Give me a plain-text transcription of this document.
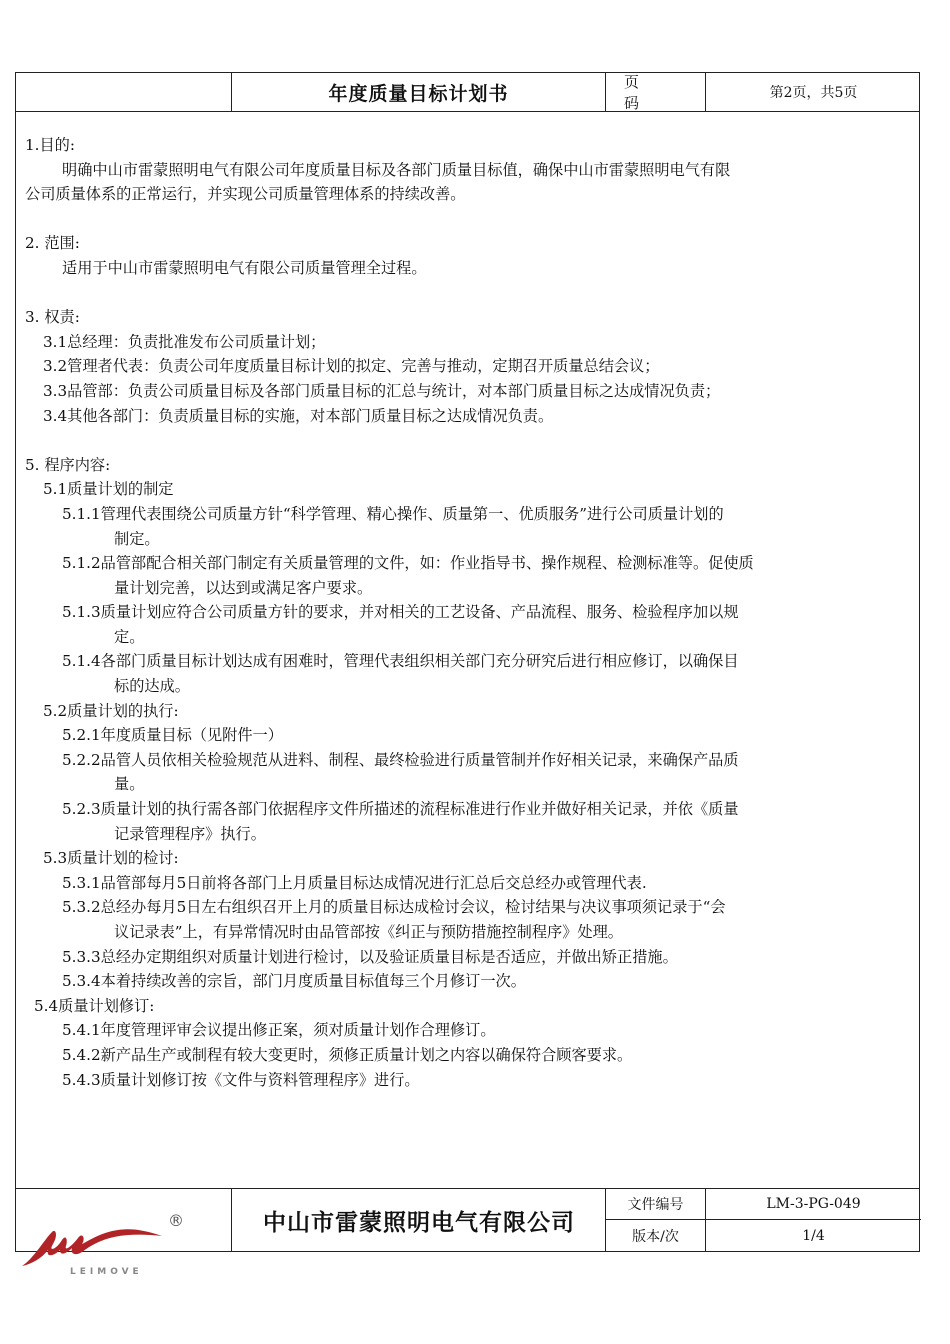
年度质量目标计划书
页 码
第2页，共5页
1.目的:
明确中山市雷蒙照明电气有限公司年度质量目标及各部门质量目标值，确保中山市雷蒙照明电气有限
公司质量体系的正常运行，并实现公司质量管理体系的持续改善。
2. 范围:
适用于中山市雷蒙照明电气有限公司质量管理全过程。
3. 权责:
3.1总经理：负责批准发布公司质量计划；
3.2管理者代表：负责公司年度质量目标计划的拟定、完善与推动，定期召开质量总结会议；
3.3品管部：负责公司质量目标及各部门质量目标的汇总与统计，对本部门质量目标之达成情况负责；
3.4其他各部门：负责质量目标的实施，对本部门质量目标之达成情况负责。
5. 程序内容:
5.1质量计划的制定
5.1.1管理代表围绕公司质量方针“科学管理、精心操作、质量第一、优质服务”进行公司质量计划的
制定。
5.1.2品管部配合相关部门制定有关质量管理的文件，如：作业指导书、操作规程、检测标准等。促使质
量计划完善，以达到或满足客户要求。
5.1.3质量计划应符合公司质量方针的要求，并对相关的工艺设备、产品流程、服务、检验程序加以规
定。
5.1.4各部门质量目标计划达成有困难时，管理代表组织相关部门充分研究后进行相应修订，以确保目
标的达成。
5.2质量计划的执行:
5.2.1年度质量目标（见附件一）
5.2.2品管人员依相关检验规范从进料、制程、最终检验进行质量管制并作好相关记录，来确保产品质
量。
5.2.3质量计划的执行需各部门依据程序文件所描述的流程标准进行作业并做好相关记录，并依《质量
记录管理程序》执行。
5.3质量计划的检讨:
5.3.1品管部每月5日前将各部门上月质量目标达成情况进行汇总后交总经办或管理代表.
5.3.2总经办每月5日左右组织召开上月的质量目标达成检讨会议，检讨结果与决议事项须记录于“会
议记录表”上，有异常情况时由品管部按《纠正与预防措施控制程序》处理。
5.3.3总经办定期组织对质量计划进行检讨，以及验证质量目标是否适应，并做出矫正措施。
5.3.4本着持续改善的宗旨，部门月度质量目标值每三个月修订一次。
5.4质量计划修订:
5.4.1年度管理评审会议提出修正案，须对质量计划作合理修订。
5.4.2新产品生产或制程有较大变更时，须修正质量计划之内容以确保符合顾客要求。
5.4.3质量计划修订按《文件与资料管理程序》进行。
中山市雷蒙照明电气有限公司
文件编号	LM-3-PG-049
版本/次	1/4
®
LEIMOVE
